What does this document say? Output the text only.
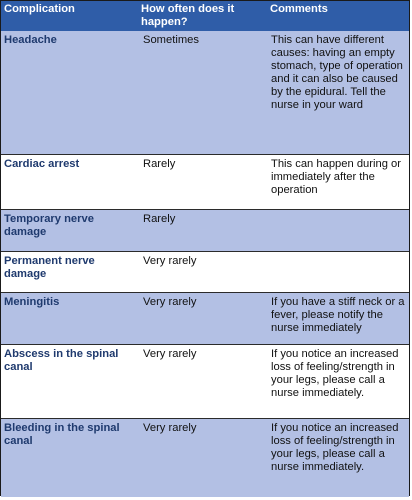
Complication	How often does it happen?	Comments
Headache	Sometimes	This can have different causes: having an empty stomach, type of operation and it can also be caused by the epidural. Tell the nurse in your ward
Cardiac arrest	Rarely	This can happen during or immediately after the operation
Temporary nerve damage	Rarely	
Permanent nerve damage	Very rarely	
Meningitis	Very rarely	If you have a stiff neck or a fever, please notify the nurse immediately
Abscess in the spinal canal	Very rarely	If you notice an increased loss of feeling/strength in your legs, please call a nurse immediately.
Bleeding in the spinal canal	Very rarely	If you notice an increased loss of feeling/strength in your legs, please call a nurse immediately.
